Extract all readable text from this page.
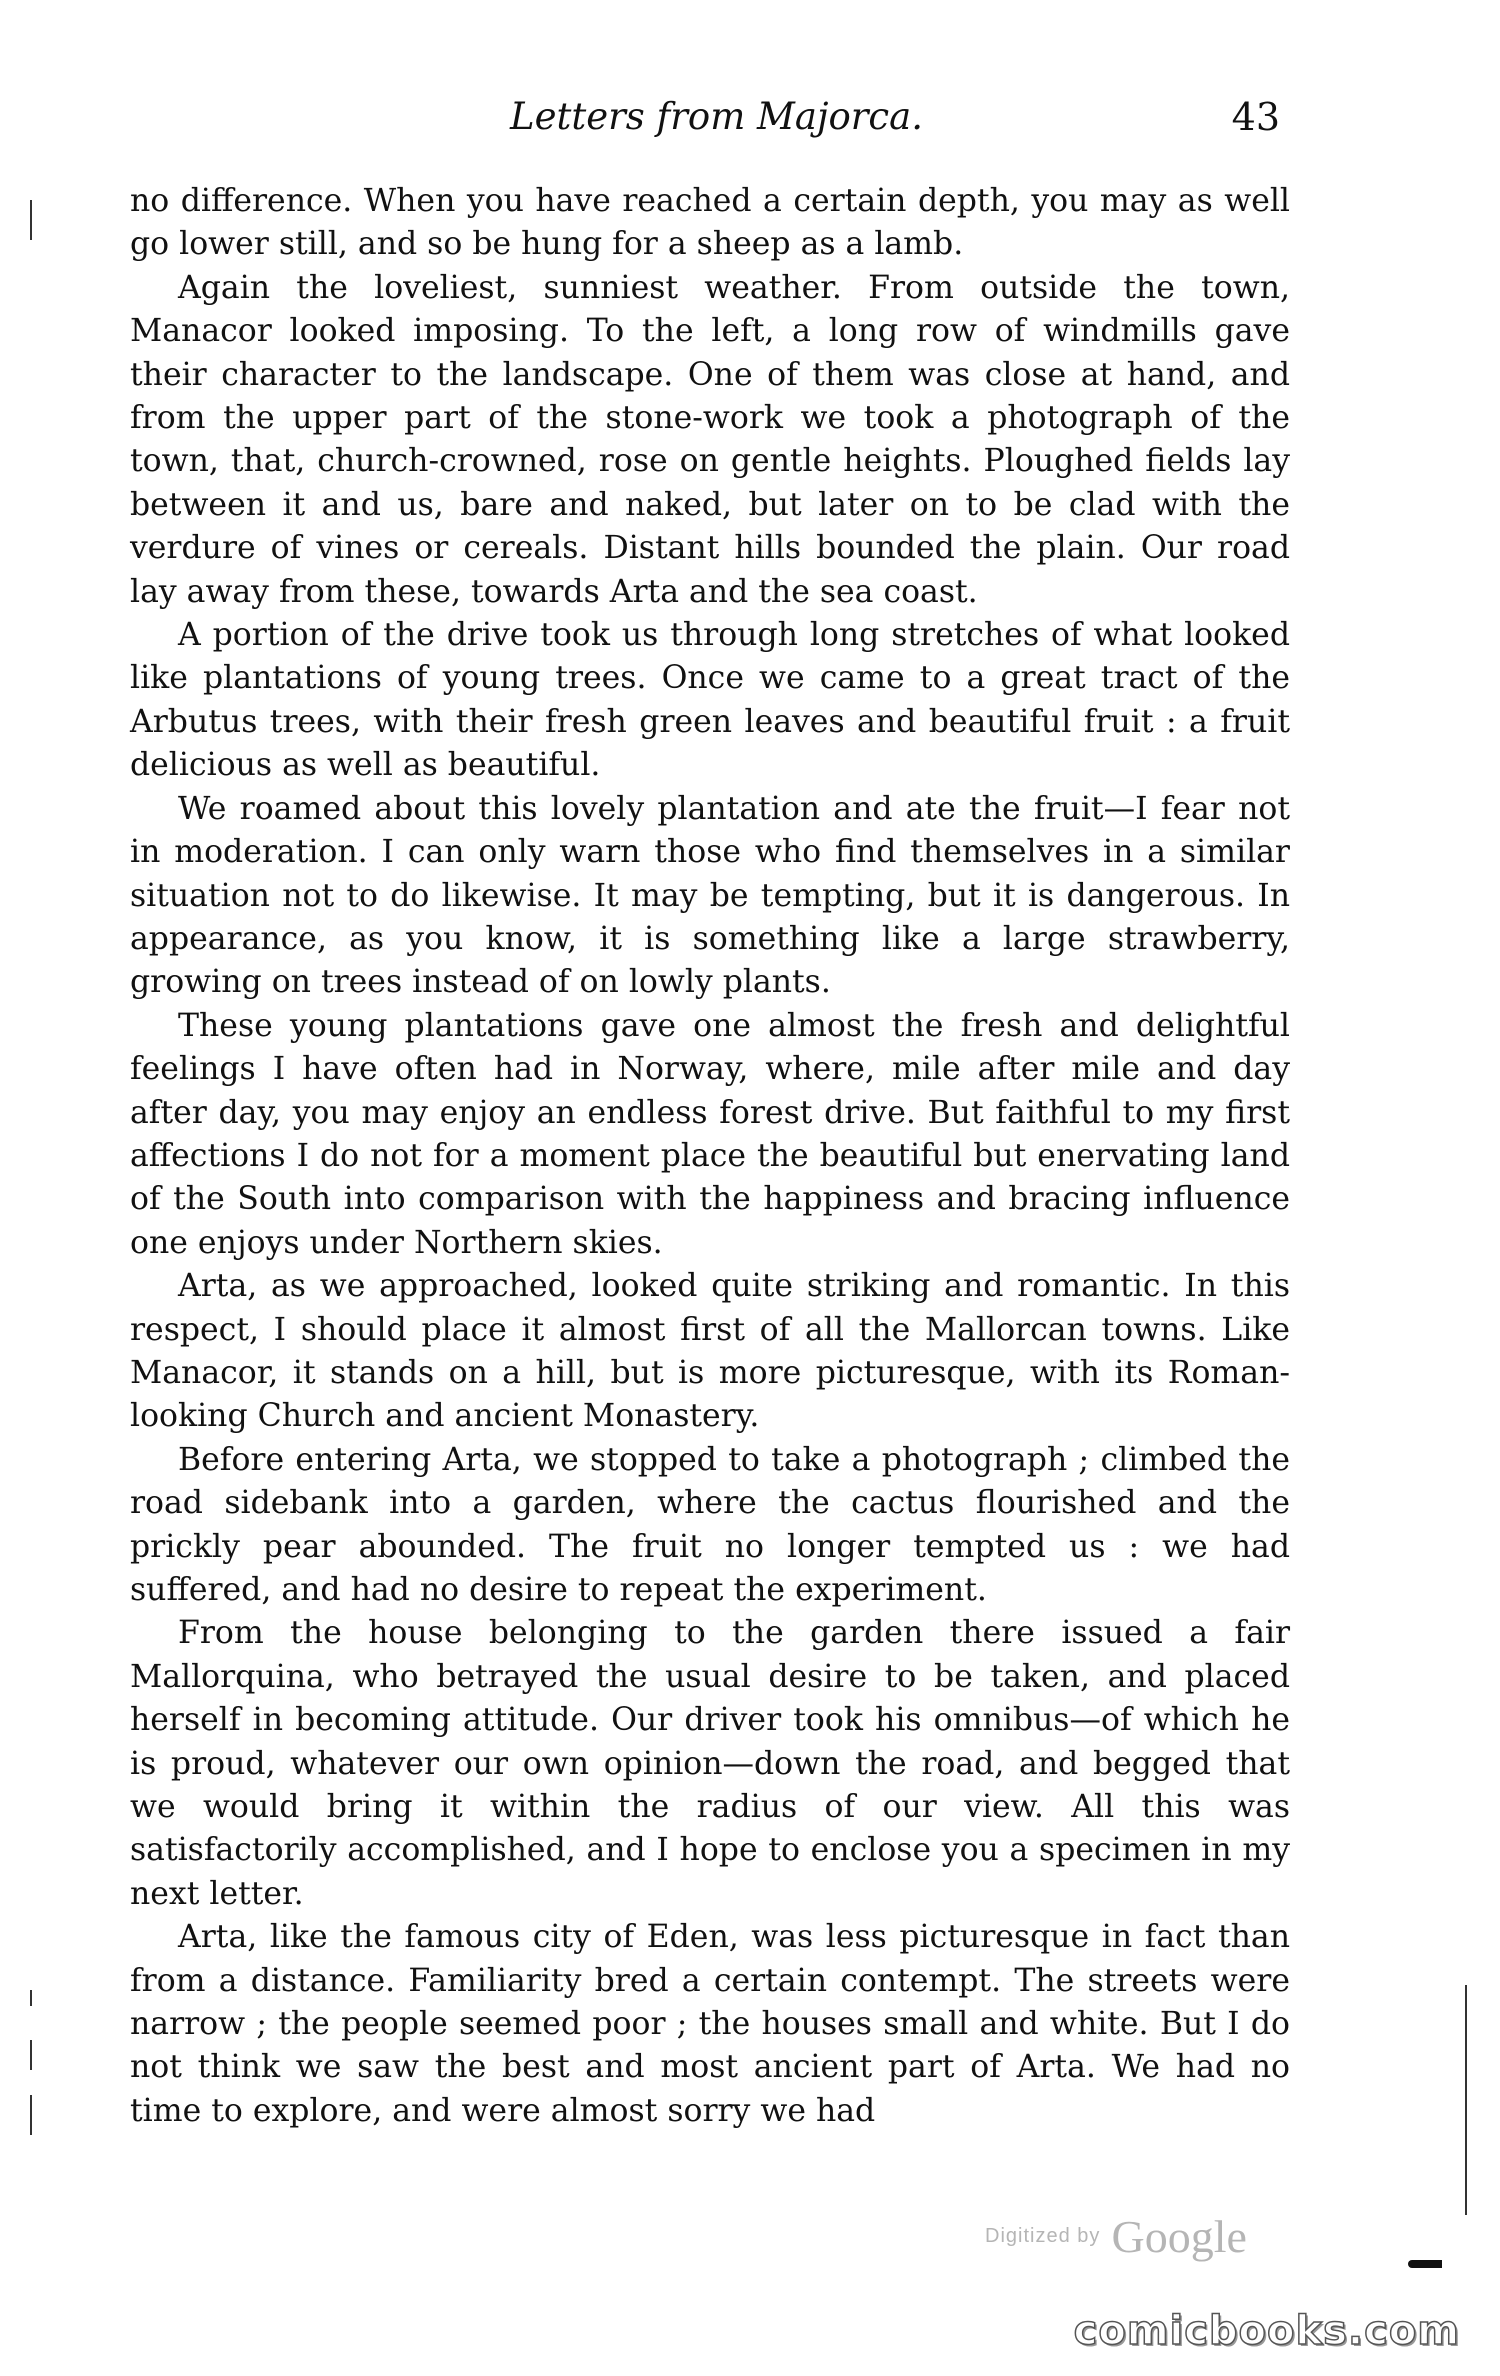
Letters from Majorca.	43

no difference. When you have reached a certain depth, you may as well go lower still, and so be hung for a sheep as a lamb.

Again the loveliest, sunniest weather. From outside the town, Manacor looked imposing. To the left, a long row of windmills gave their character to the landscape. One of them was close at hand, and from the upper part of the stone-work we took a photograph of the town, that, church-crowned, rose on gentle heights. Ploughed fields lay between it and us, bare and naked, but later on to be clad with the verdure of vines or cereals. Distant hills bounded the plain. Our road lay away from these, towards Arta and the sea coast.

A portion of the drive took us through long stretches of what looked like plantations of young trees. Once we came to a great tract of the Arbutus trees, with their fresh green leaves and beautiful fruit : a fruit delicious as well as beautiful.

We roamed about this lovely plantation and ate the fruit—I fear not in moderation. I can only warn those who find themselves in a similar situation not to do likewise. It may be tempting, but it is dangerous. In appearance, as you know, it is something like a large strawberry, growing on trees instead of on lowly plants.

These young plantations gave one almost the fresh and delightful feelings I have often had in Norway, where, mile after mile and day after day, you may enjoy an endless forest drive. But faithful to my first affections I do not for a moment place the beautiful but enervating land of the South into comparison with the happiness and bracing influence one enjoys under Northern skies.

Arta, as we approached, looked quite striking and romantic. In this respect, I should place it almost first of all the Mallorcan towns. Like Manacor, it stands on a hill, but is more picturesque, with its Roman-looking Church and ancient Monastery.

Before entering Arta, we stopped to take a photograph ; climbed the road sidebank into a garden, where the cactus flourished and the prickly pear abounded. The fruit no longer tempted us : we had suffered, and had no desire to repeat the experiment.

From the house belonging to the garden there issued a fair Mallorquina, who betrayed the usual desire to be taken, and placed herself in becoming attitude. Our driver took his omnibus—of which he is proud, whatever our own opinion—down the road, and begged that we would bring it within the radius of our view. All this was satisfactorily accomplished, and I hope to enclose you a specimen in my next letter.

Arta, like the famous city of Eden, was less picturesque in fact than from a distance. Familiarity bred a certain contempt. The streets were narrow ; the people seemed poor ; the houses small and white. But I do not think we saw the best and most ancient part of Arta. We had no time to explore, and were almost sorry we had

Digitized by Google
comicbooks.com
